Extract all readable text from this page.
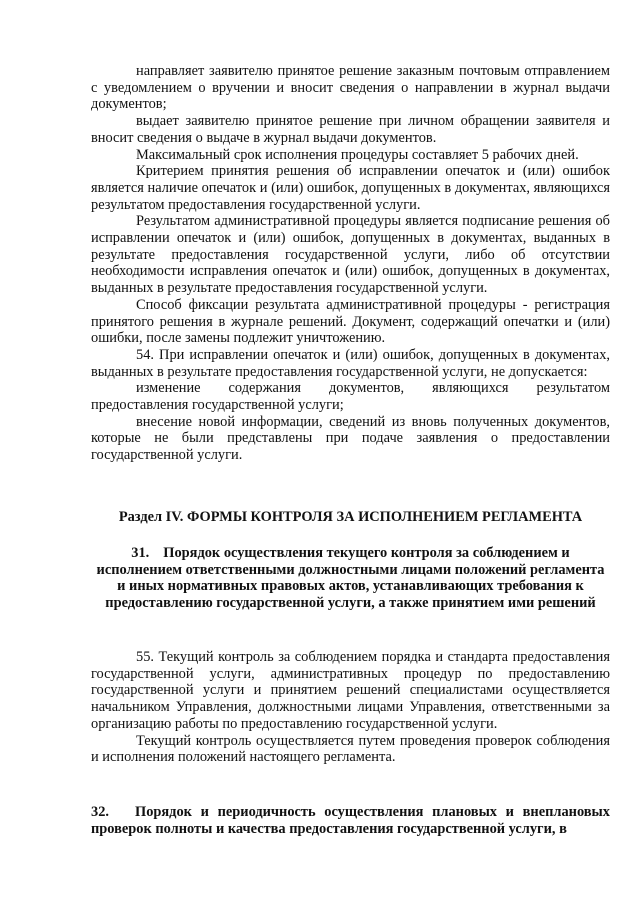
направляет заявителю принятое решение заказным почтовым отправлением с уведомлением о вручении и вносит сведения о направлении в журнал выдачи документов;

выдает заявителю принятое решение при личном обращении заявителя и вносит сведения о выдаче в журнал выдачи документов.

Максимальный срок исполнения процедуры составляет 5 рабочих дней.

Критерием принятия решения об исправлении опечаток и (или) ошибок является наличие опечаток и (или) ошибок, допущенных в документах, являющихся результатом предоставления государственной услуги.

Результатом административной процедуры является подписание решения об исправлении опечаток и (или) ошибок, допущенных в документах, выданных в результате предоставления государственной услуги, либо об отсутствии необходимости исправления опечаток и (или) ошибок, допущенных в документах, выданных в результате предоставления государственной услуги.

Способ фиксации результата административной процедуры - регистрация принятого решения в журнале решений. Документ, содержащий опечатки и (или) ошибки, после замены подлежит уничтожению.

54. При исправлении опечаток и (или) ошибок, допущенных в документах, выданных в результате предоставления государственной услуги, не допускается:

изменение содержания документов, являющихся результатом предоставления государственной услуги;

внесение новой информации, сведений из вновь полученных документов, которые не были представлены при подаче заявления о предоставлении государственной услуги.

Раздел IV. ФОРМЫ КОНТРОЛЯ ЗА ИСПОЛНЕНИЕМ РЕГЛАМЕНТА
31. Порядок осуществления текущего контроля за соблюдением и исполнением ответственными должностными лицами положений регламента и иных нормативных правовых актов, устанавливающих требования к предоставлению государственной услуги, а также принятием ими решений

55. Текущий контроль за соблюдением порядка и стандарта предоставления государственной услуги, административных процедур по предоставлению государственной услуги и принятием решений специалистами осуществляется начальником Управления, должностными лицами Управления, ответственными за организацию работы по предоставлению государственной услуги.

Текущий контроль осуществляется путем проведения проверок соблюдения и исполнения положений настоящего регламента.

32. Порядок и периодичность осуществления плановых и внеплановых проверок полноты и качества предоставления государственной услуги, в
